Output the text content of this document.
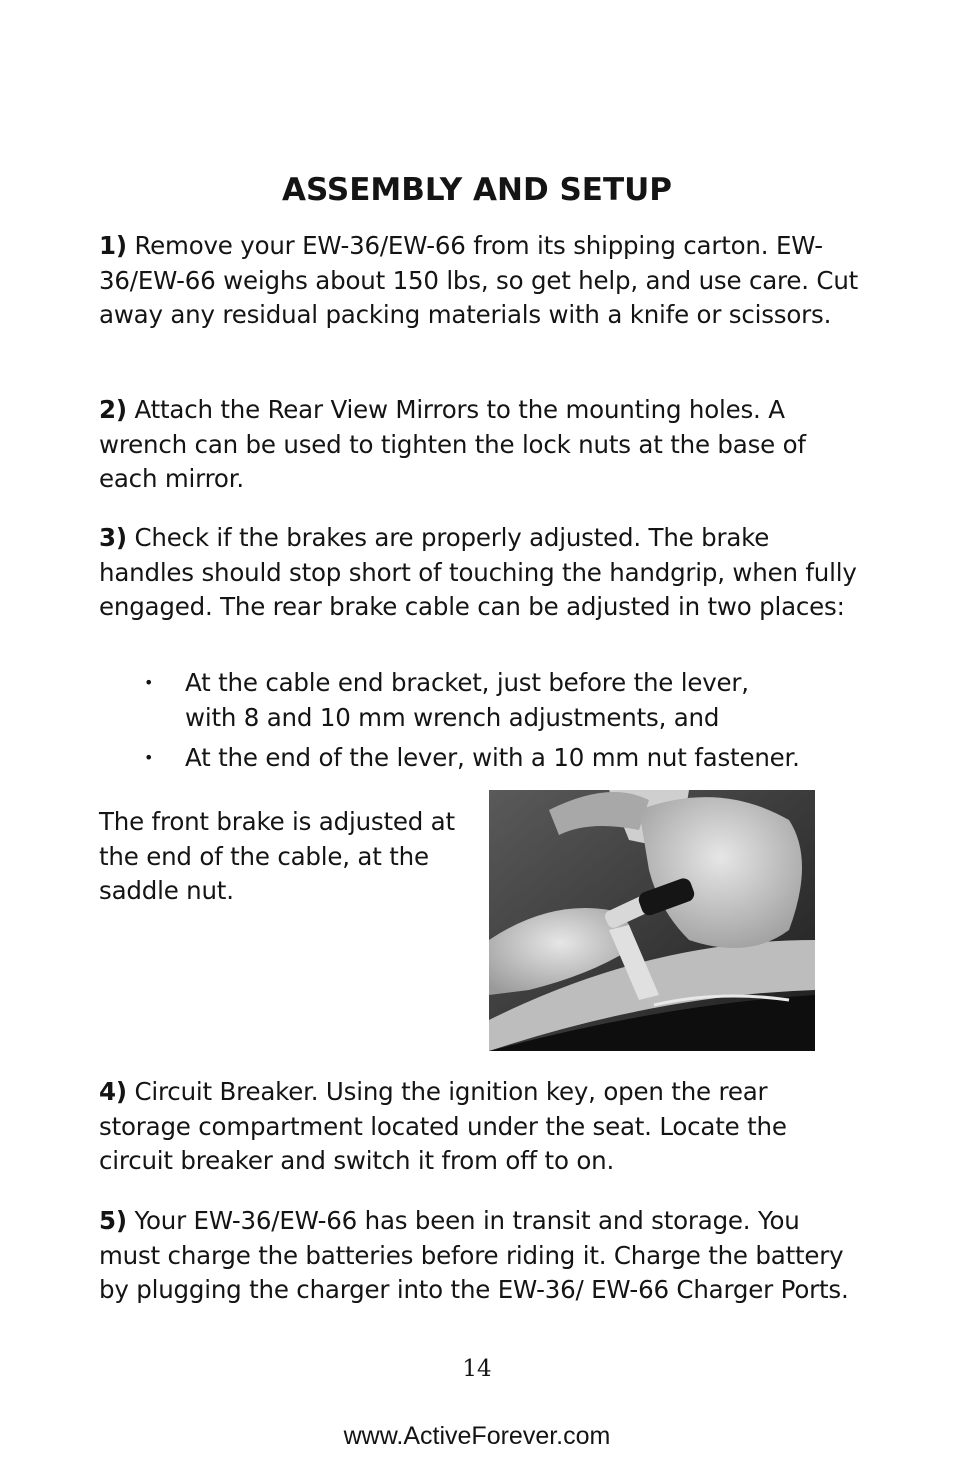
ASSEMBLY AND SETUP

1) Remove your EW-36/EW-66 from its shipping carton. EW-36/EW-66 weighs about 150 lbs, so get help, and use care. Cut away any residual packing materials with a knife or scissors.

2) Attach the Rear View Mirrors to the mounting holes. A wrench can be used to tighten the lock nuts at the base of each mirror.

3) Check if the brakes are properly adjusted. The brake handles should stop short of touching the handgrip, when fully engaged. The rear brake cable can be adjusted in two places:

• At the cable end bracket, just before the lever, with 8 and 10 mm wrench adjustments, and
• At the end of the lever, with a 10 mm nut fastener.

The front brake is adjusted at the end of the cable, at the saddle nut.

4) Circuit Breaker. Using the ignition key, open the rear storage compartment located under the seat. Locate the circuit breaker and switch it from off to on.

5) Your EW-36/EW-66 has been in transit and storage. You must charge the batteries before riding it. Charge the battery by plugging the charger into the EW-36/ EW-66 Charger Ports.

14
www.ActiveForever.com
